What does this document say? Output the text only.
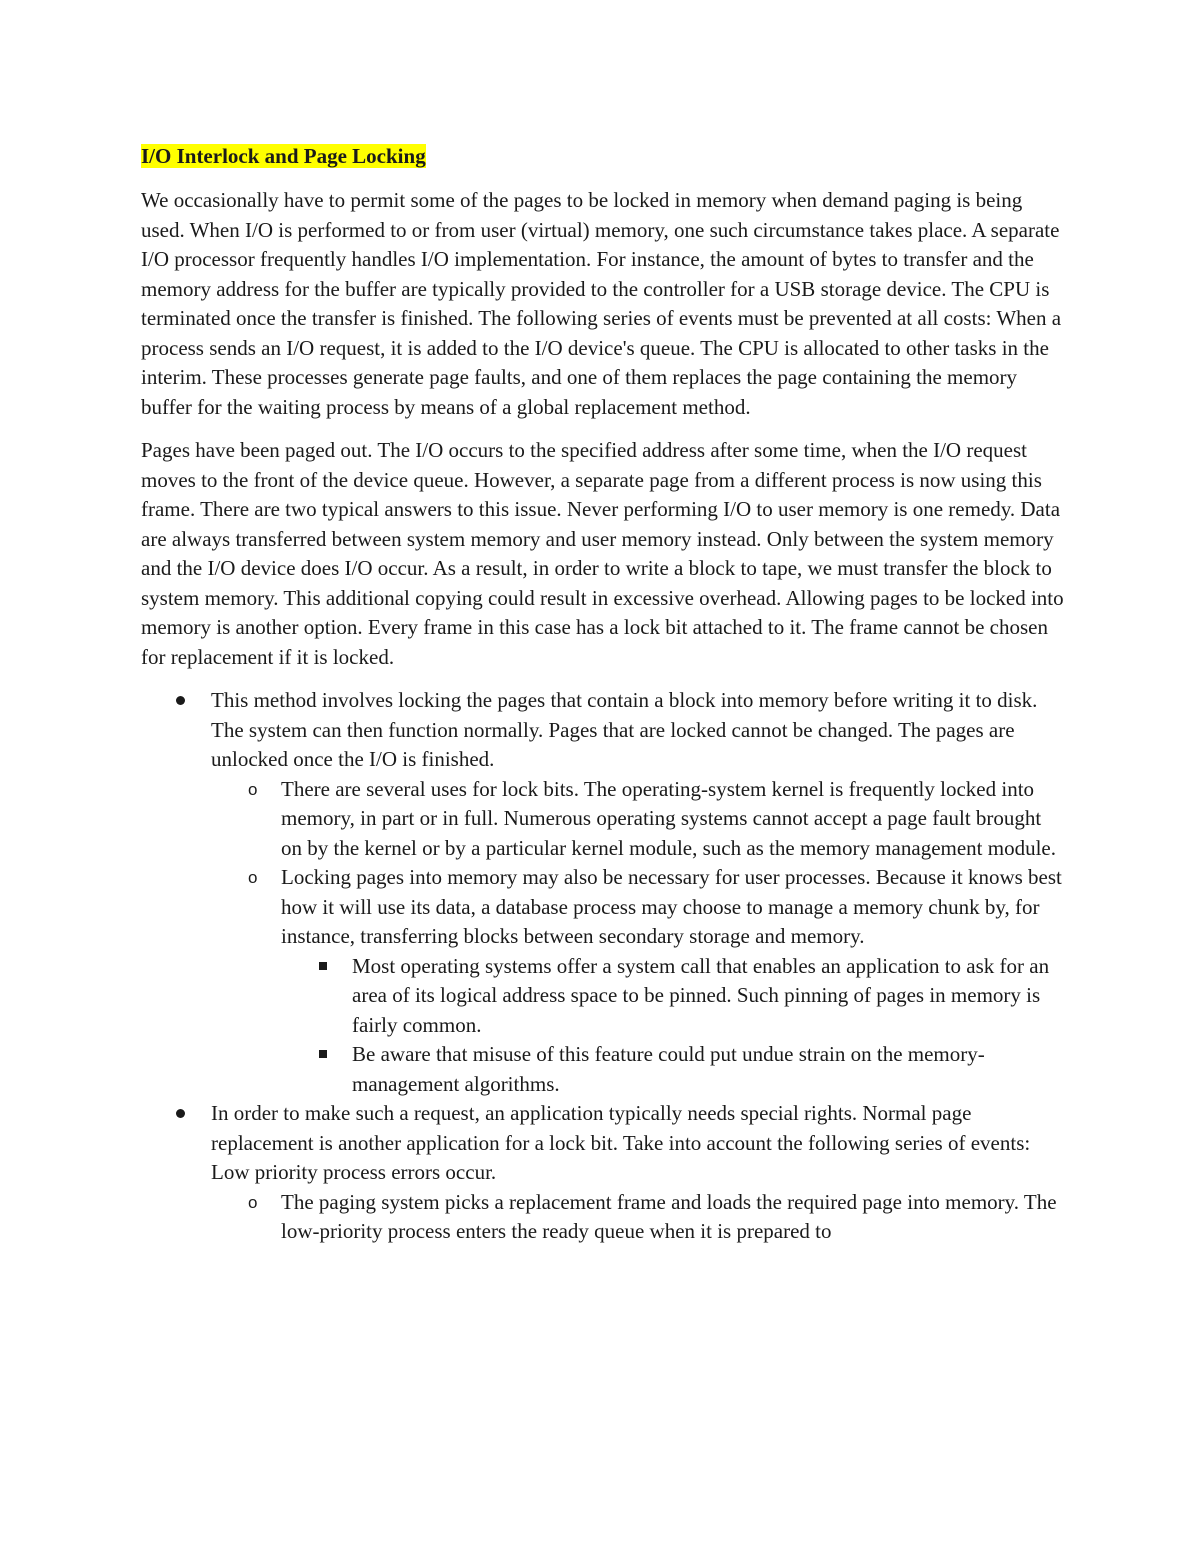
I/O Interlock and Page Locking

We occasionally have to permit some of the pages to be locked in memory when demand paging is being used. When I/O is performed to or from user (virtual) memory, one such circumstance takes place. A separate I/O processor frequently handles I/O implementation. For instance, the amount of bytes to transfer and the memory address for the buffer are typically provided to the controller for a USB storage device. The CPU is terminated once the transfer is finished. The following series of events must be prevented at all costs: When a process sends an I/O request, it is added to the I/O device's queue. The CPU is allocated to other tasks in the interim. These processes generate page faults, and one of them replaces the page containing the memory buffer for the waiting process by means of a global replacement method.

Pages have been paged out. The I/O occurs to the specified address after some time, when the I/O request moves to the front of the device queue. However, a separate page from a different process is now using this frame. There are two typical answers to this issue. Never performing I/O to user memory is one remedy. Data are always transferred between system memory and user memory instead. Only between the system memory and the I/O device does I/O occur. As a result, in order to write a block to tape, we must transfer the block to system memory. This additional copying could result in excessive overhead. Allowing pages to be locked into memory is another option. Every frame in this case has a lock bit attached to it. The frame cannot be chosen for replacement if it is locked.

This method involves locking the pages that contain a block into memory before writing it to disk. The system can then function normally. Pages that are locked cannot be changed. The pages are unlocked once the I/O is finished.
o There are several uses for lock bits. The operating-system kernel is frequently locked into memory, in part or in full. Numerous operating systems cannot accept a page fault brought on by the kernel or by a particular kernel module, such as the memory management module.
o Locking pages into memory may also be necessary for user processes. Because it knows best how it will use its data, a database process may choose to manage a memory chunk by, for instance, transferring blocks between secondary storage and memory.
Most operating systems offer a system call that enables an application to ask for an area of its logical address space to be pinned. Such pinning of pages in memory is fairly common.
Be aware that misuse of this feature could put undue strain on the memory-management algorithms.
In order to make such a request, an application typically needs special rights. Normal page replacement is another application for a lock bit. Take into account the following series of events: Low priority process errors occur.
o The paging system picks a replacement frame and loads the required page into memory. The low-priority process enters the ready queue when it is prepared to
